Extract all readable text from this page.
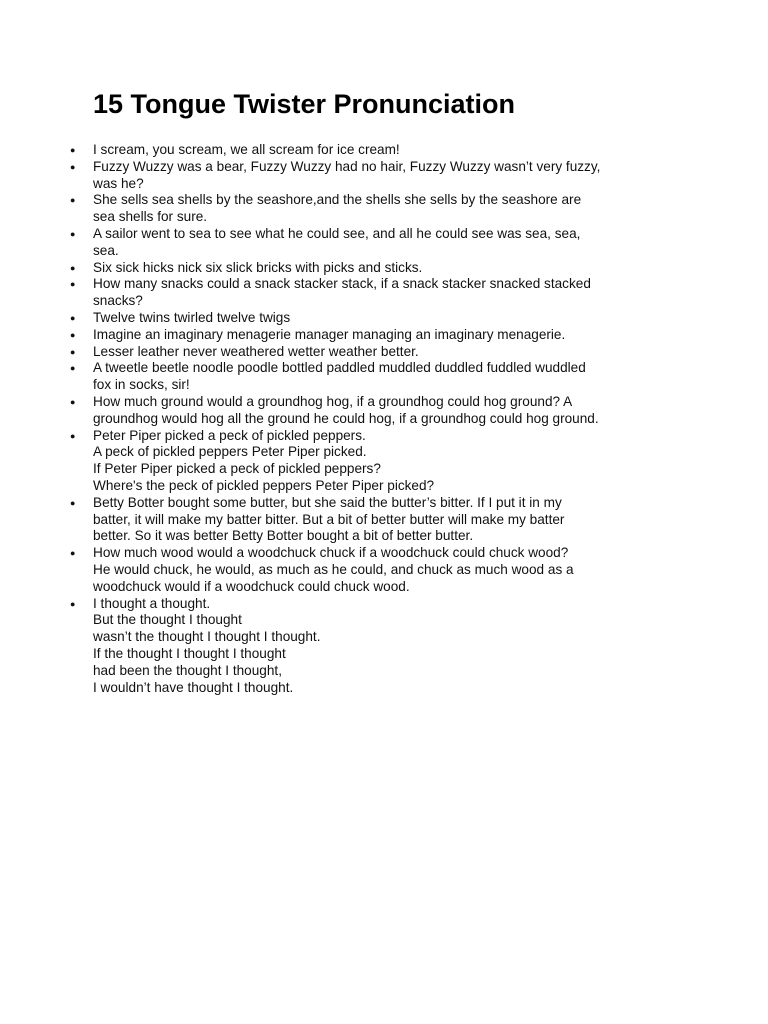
15 Tongue Twister Pronunciation
● I scream, you scream, we all scream for ice cream!
● Fuzzy Wuzzy was a bear, Fuzzy Wuzzy had no hair, Fuzzy Wuzzy wasn’t very fuzzy,
was he?
● She sells sea shells by the seashore,and the shells she sells by the seashore are
sea shells for sure.
● A sailor went to sea to see what he could see, and all he could see was sea, sea,
sea.
● Six sick hicks nick six slick bricks with picks and sticks.
● How many snacks could a snack stacker stack, if a snack stacker snacked stacked
snacks?
● Twelve twins twirled twelve twigs
● Imagine an imaginary menagerie manager managing an imaginary menagerie.
● Lesser leather never weathered wetter weather better.
● A tweetle beetle noodle poodle bottled paddled muddled duddled fuddled wuddled
fox in socks, sir!
● How much ground would a groundhog hog, if a groundhog could hog ground? A
groundhog would hog all the ground he could hog, if a groundhog could hog ground.
● Peter Piper picked a peck of pickled peppers.
A peck of pickled peppers Peter Piper picked.
If Peter Piper picked a peck of pickled peppers?
Where's the peck of pickled peppers Peter Piper picked?
● Betty Botter bought some butter, but she said the butter’s bitter. If I put it in my
batter, it will make my batter bitter. But a bit of better butter will make my batter
better. So it was better Betty Botter bought a bit of better butter.
● How much wood would a woodchuck chuck if a woodchuck could chuck wood?
He would chuck, he would, as much as he could, and chuck as much wood as a
woodchuck would if a woodchuck could chuck wood.
● I thought a thought.
But the thought I thought
wasn’t the thought I thought I thought.
If the thought I thought I thought
had been the thought I thought,
I wouldn’t have thought I thought.
